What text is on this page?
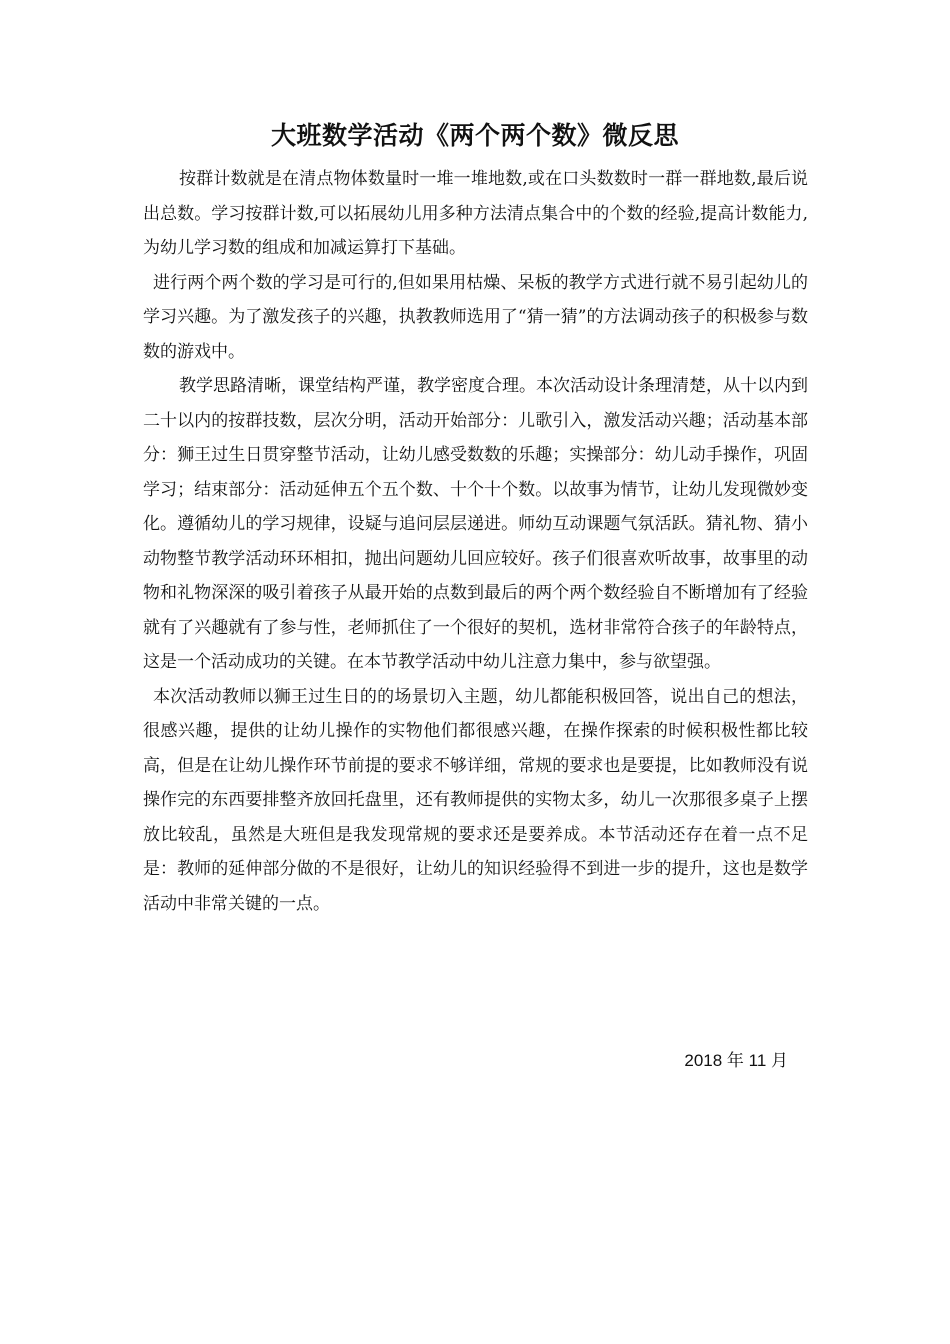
大班数学活动《两个两个数》微反思

按群计数就是在清点物体数量时一堆一堆地数,或在口头数数时一群一群地数,最后说出总数。学习按群计数,可以拓展幼儿用多种方法清点集合中的个数的经验,提高计数能力,为幼儿学习数的组成和加减运算打下基础。

进行两个两个数的学习是可行的,但如果用枯燥、呆板的教学方式进行就不易引起幼儿的学习兴趣。为了激发孩子的兴趣，执教教师选用了“猜一猜”的方法调动孩子的积极参与数数的游戏中。

教学思路清晰，课堂结构严谨，教学密度合理。本次活动设计条理清楚，从十以内到二十以内的按群技数，层次分明，活动开始部分：儿歌引入，激发活动兴趣；活动基本部分：狮王过生日贯穿整节活动，让幼儿感受数数的乐趣；实操部分：幼儿动手操作，巩固学习；结束部分：活动延伸五个五个数、十个十个数。以故事为情节，让幼儿发现微妙变化。遵循幼儿的学习规律，设疑与追问层层递进。师幼互动课题气氛活跃。猜礼物、猜小动物整节教学活动环环相扣，抛出问题幼儿回应较好。孩子们很喜欢听故事，故事里的动物和礼物深深的吸引着孩子从最开始的点数到最后的两个两个数经验自不断增加有了经验就有了兴趣就有了参与性，老师抓住了一个很好的契机，选材非常符合孩子的年龄特点，这是一个活动成功的关键。在本节教学活动中幼儿注意力集中，参与欲望强。

本次活动教师以狮王过生日的的场景切入主题，幼儿都能积极回答，说出自己的想法，很感兴趣，提供的让幼儿操作的实物他们都很感兴趣，在操作探索的时候积极性都比较高，但是在让幼儿操作环节前提的要求不够详细，常规的要求也是要提，比如教师没有说操作完的东西要排整齐放回托盘里，还有教师提供的实物太多，幼儿一次那很多桌子上摆放比较乱，虽然是大班但是我发现常规的要求还是要养成。本节活动还存在着一点不足是：教师的延伸部分做的不是很好，让幼儿的知识经验得不到进一步的提升，这也是数学活动中非常关键的一点。

2018 年 11 月
